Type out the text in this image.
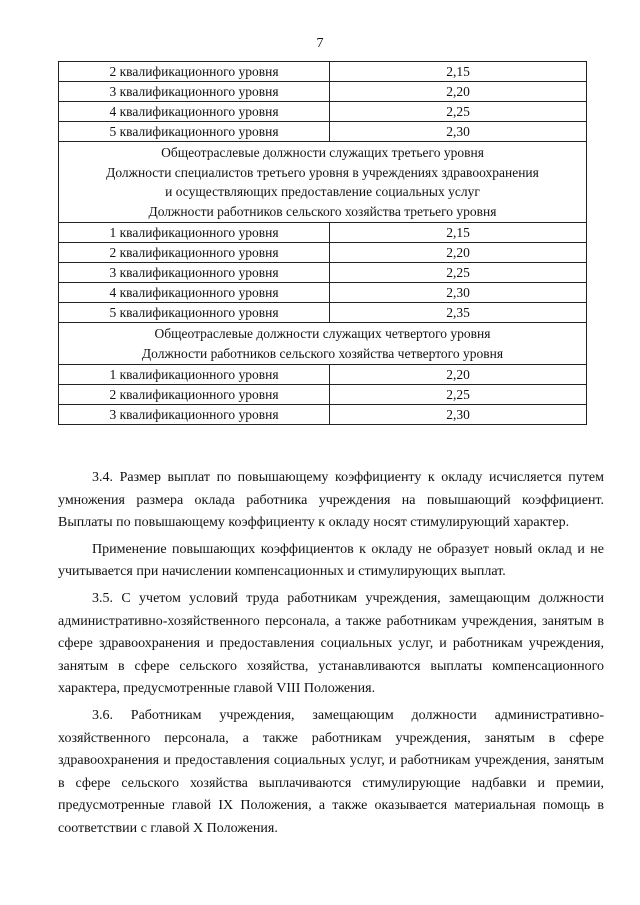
7
2 квалификационного уровня	2,15
3 квалификационного уровня	2,20
4 квалификационного уровня	2,25
5 квалификационного уровня	2,30

Общеотраслевые должности служащих третьего уровня
Должности специалистов третьего уровня в учреждениях здравоохранения
и осуществляющих предоставление социальных услуг
Должности работников сельского хозяйства третьего уровня	

1 квалификационного уровня	2,15
2 квалификационного уровня	2,20
3 квалификационного уровня	2,25
4 квалификационного уровня	2,30
5 квалификационного уровня	2,35

Общеотраслевые должности служащих четвертого уровня
Должности работников сельского хозяйства четвертого уровня	

1 квалификационного уровня	2,20
2 квалификационного уровня	2,25
3 квалификационного уровня	2,30

3.4. Размер выплат по повышающему коэффициенту к окладу исчисляется путем умножения размера оклада работника учреждения на повышающий коэффициент. Выплаты по повышающему коэффициенту к окладу носят стимулирующий характер.

Применение повышающих коэффициентов к окладу не образует новый оклад и не учитывается при начислении компенсационных и стимулирующих выплат.

3.5. С учетом условий труда работникам учреждения, замещающим должности административно-хозяйственного персонала, а также работникам учреждения, занятым в сфере здравоохранения и предоставления социальных услуг, и работникам учреждения, занятым в сфере сельского хозяйства, устанавливаются выплаты компенсационного характера, предусмотренные главой VIII Положения.

3.6. Работникам учреждения, замещающим должности административно-хозяйственного персонала, а также работникам учреждения, занятым в сфере здравоохранения и предоставления социальных услуг, и работникам учреждения, занятым в сфере сельского хозяйства выплачиваются стимулирующие надбавки и премии, предусмотренные главой IX Положения, а также оказывается материальная помощь в соответствии с главой X Положения.
